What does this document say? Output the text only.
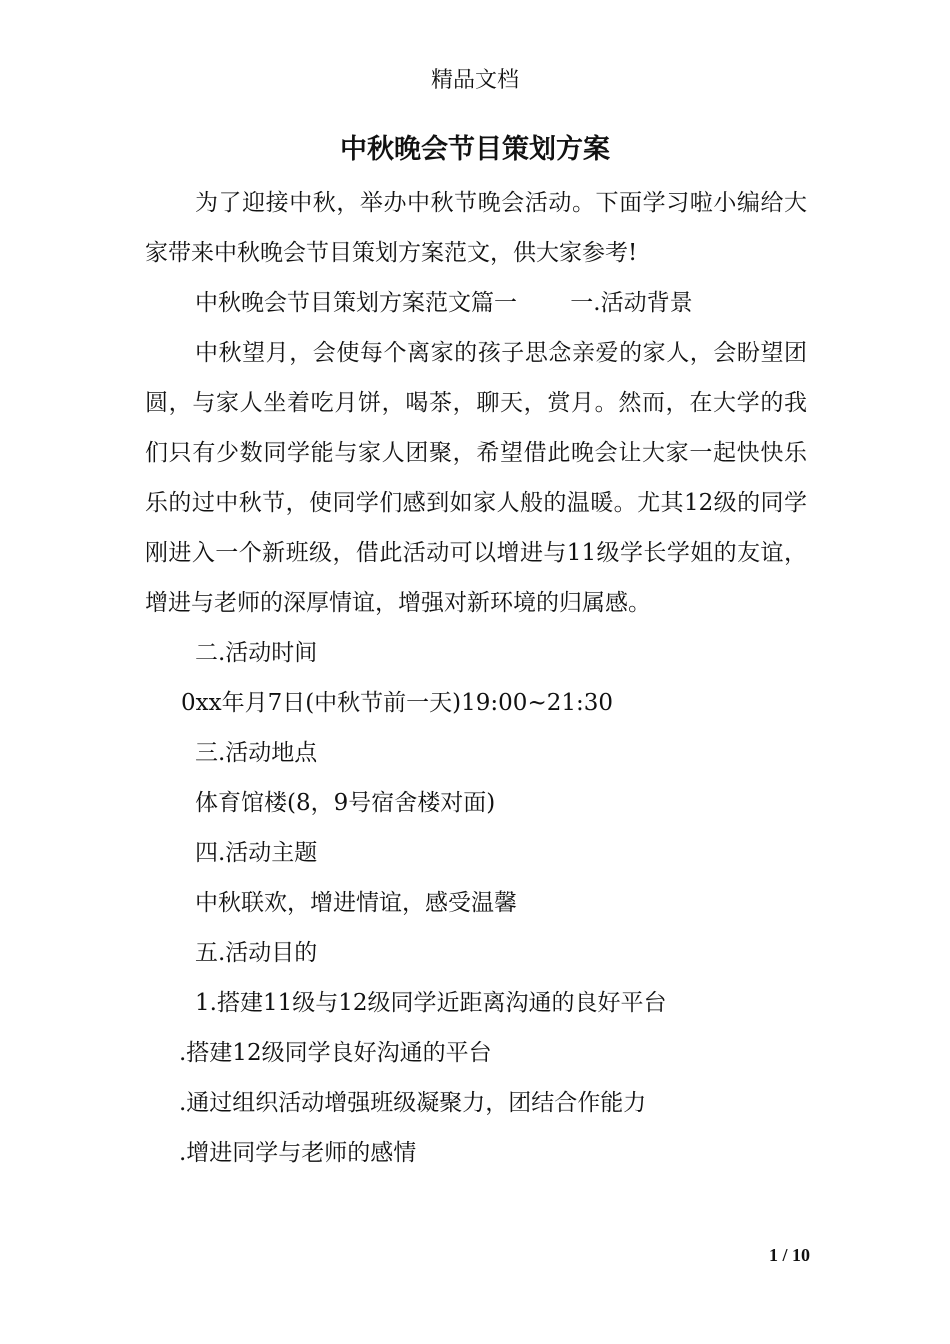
精品文档
中秋晚会节目策划方案

为了迎接中秋，举办中秋节晚会活动。下面学习啦小编给大家带来中秋晚会节目策划方案范文，供大家参考!

中秋晚会节目策划方案范文篇一　　 一.活动背景

中秋望月，会使每个离家的孩子思念亲爱的家人，会盼望团圆，与家人坐着吃月饼，喝茶，聊天，赏月。然而，在大学的我们只有少数同学能与家人团聚，希望借此晚会让大家一起快快乐乐的过中秋节，使同学们感到如家人般的温暖。尤其12级的同学刚进入一个新班级，借此活动可以增进与11级学长学姐的友谊，增进与老师的深厚情谊，增强对新环境的归属感。

二.活动时间

0xx年月7日(中秋节前一天)19:00~21:30

三.活动地点

体育馆楼(8，9号宿舍楼对面)

四.活动主题

中秋联欢，增进情谊，感受温馨

五.活动目的

1.搭建11级与12级同学近距离沟通的良好平台

.搭建12级同学良好沟通的平台

.通过组织活动增强班级凝聚力，团结合作能力

.增进同学与老师的感情

1 / 10
